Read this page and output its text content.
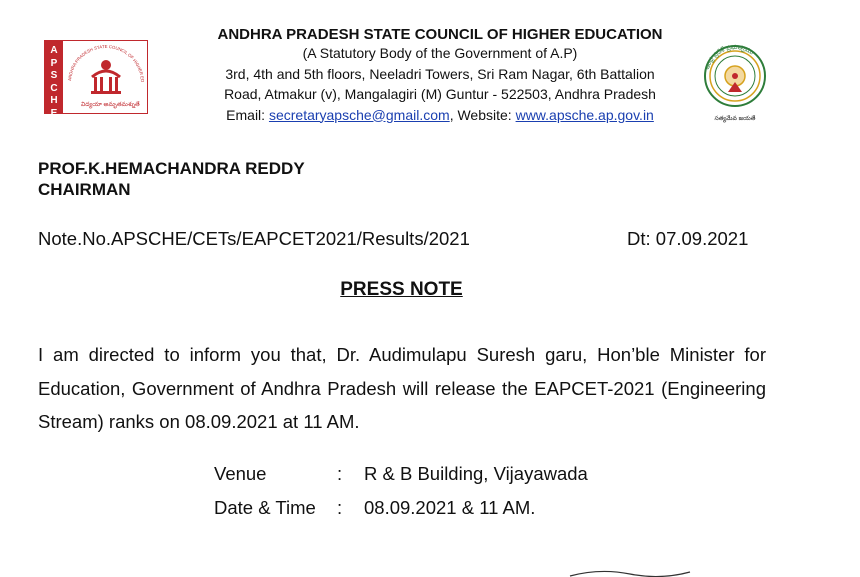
A
P
S
C
H
E
ANDHRA PRADESH STATE COUNCIL OF HIGHER ED
విద్యయా అమృతమశ్నుతే
ANDHRA PRADESH STATE COUNCIL OF HIGHER EDUCATION
(A Statutory Body of the Government of A.P)
3rd, 4th and 5th floors, Neeladri Towers, Sri Ram Nagar, 6th Battalion
Road, Atmakur (v), Mangalagiri (M) Guntur - 522503, Andhra Pradesh
Email: secretaryapsche@gmail.com, Website: www.apsche.ap.gov.in
ఆంధ్ర ప్రదేశ్ ప్రభుత్వము
సత్యమేవ జయతే
PROF.K.HEMACHANDRA REDDY
CHAIRMAN
Note.No.APSCHE/CETs/EAPCET2021/Results/2021	Dt: 07.09.2021
PRESS NOTE
I am directed to inform you that, Dr. Audimulapu Suresh garu, Hon’ble Minister for Education, Government of Andhra Pradesh will release the EAPCET-2021 (Engineering Stream) ranks on 08.09.2021 at 11 AM.
Venue	: R & B Building, Vijayawada
Date & Time : 08.09.2021 & 11 AM.
